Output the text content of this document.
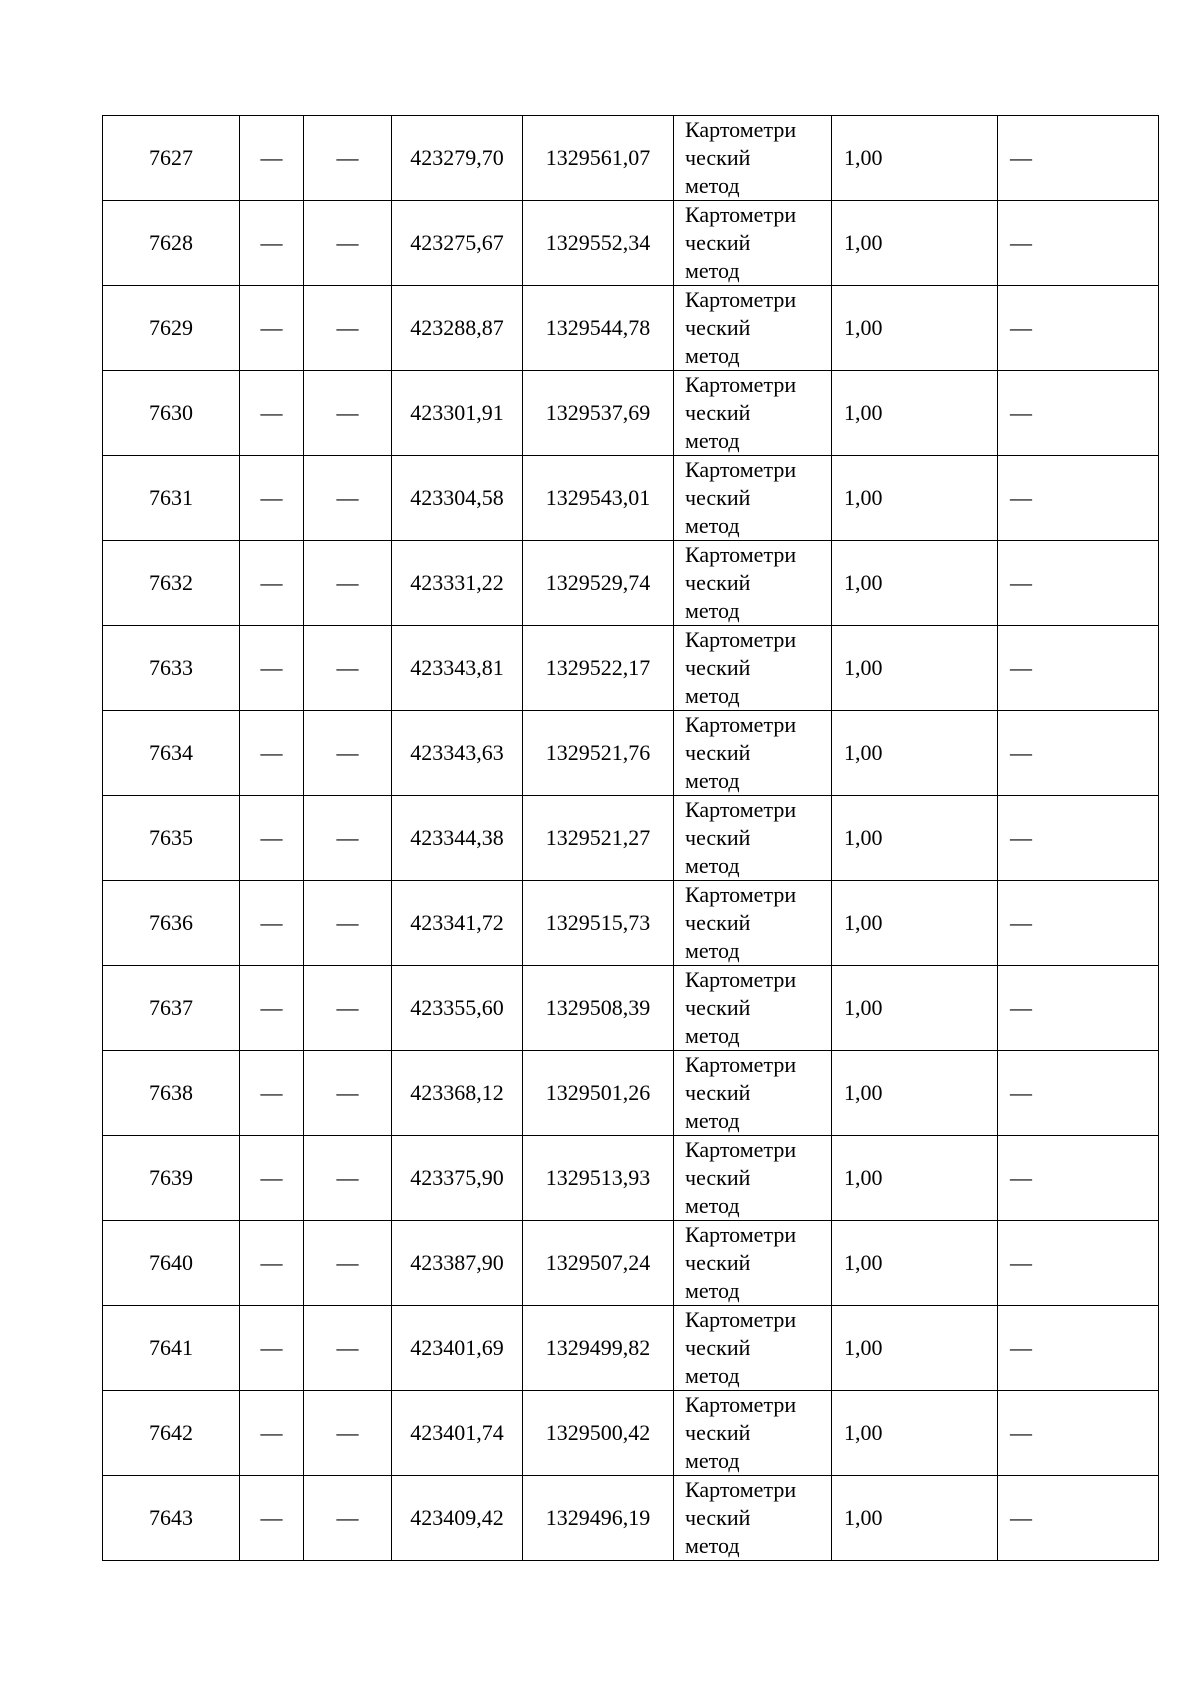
7627	—	—	423279,70	1329561,07	Картометри
ческий
метод	1,00	—
7628	—	—	423275,67	1329552,34	Картометри
ческий
метод	1,00	—
7629	—	—	423288,87	1329544,78	Картометри
ческий
метод	1,00	—
7630	—	—	423301,91	1329537,69	Картометри
ческий
метод	1,00	—
7631	—	—	423304,58	1329543,01	Картометри
ческий
метод	1,00	—
7632	—	—	423331,22	1329529,74	Картометри
ческий
метод	1,00	—
7633	—	—	423343,81	1329522,17	Картометри
ческий
метод	1,00	—
7634	—	—	423343,63	1329521,76	Картометри
ческий
метод	1,00	—
7635	—	—	423344,38	1329521,27	Картометри
ческий
метод	1,00	—
7636	—	—	423341,72	1329515,73	Картометри
ческий
метод	1,00	—
7637	—	—	423355,60	1329508,39	Картометри
ческий
метод	1,00	—
7638	—	—	423368,12	1329501,26	Картометри
ческий
метод	1,00	—
7639	—	—	423375,90	1329513,93	Картометри
ческий
метод	1,00	—
7640	—	—	423387,90	1329507,24	Картометри
ческий
метод	1,00	—
7641	—	—	423401,69	1329499,82	Картометри
ческий
метод	1,00	—
7642	—	—	423401,74	1329500,42	Картометри
ческий
метод	1,00	—
7643	—	—	423409,42	1329496,19	Картометри
ческий
метод	1,00	—
